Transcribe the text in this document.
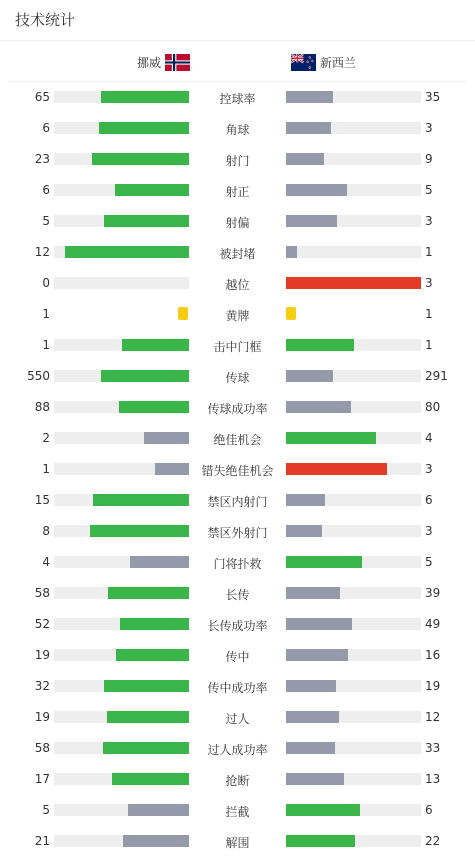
技术统计
挪威	新西兰
65	控球率	35
6	角球	3
23	射门	9
6	射正	5
5	射偏	3
12	被封堵	1
0	越位	3
1	黄牌	1
1	击中门框	1
550	传球	291
88	传球成功率	80
2	绝佳机会	4
1	错失绝佳机会	3
15	禁区内射门	6
8	禁区外射门	3
4	门将扑救	5
58	长传	39
52	长传成功率	49
19	传中	16
32	传中成功率	19
19	过人	12
58	过人成功率	33
17	抢断	13
5	拦截	6
21	解围	22
